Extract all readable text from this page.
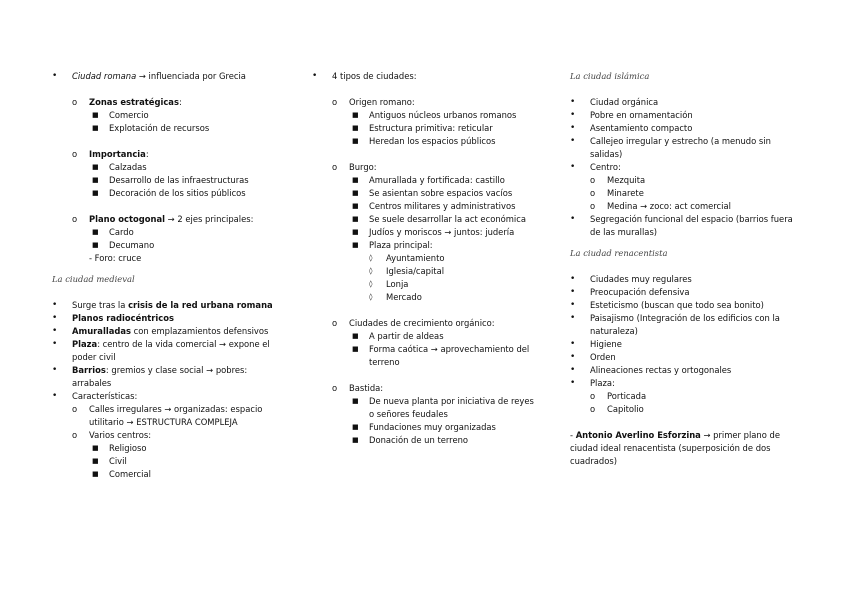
• Ciudad romana → influenciada por Grecia
o Zonas estratégicas:
■ Comercio
■ Explotación de recursos
o Importancia:
■ Calzadas
■ Desarrollo de las infraestructuras
■ Decoración de los sitios públicos
o Plano octogonal → 2 ejes principales:
■ Cardo
■ Decumano
- Foro: cruce
La ciudad medieval
• Surge tras la crisis de la red urbana romana
• Planos radiocéntricos
• Amuralladas con emplazamientos defensivos
• Plaza: centro de la vida comercial → expone el
poder civil
• Barrios: gremios y clase social → pobres:
arrabales
• Características:
o Calles irregulares → organizadas: espacio
utilitario → ESTRUCTURA COMPLEJA
o Varios centros:
■ Religioso
■ Civil
■ Comercial
• 4 tipos de ciudades:
o Origen romano:
■ Antiguos núcleos urbanos romanos
■ Estructura primitiva: reticular
■ Heredan los espacios públicos
o Burgo:
■ Amurallada y fortificada: castillo
■ Se asientan sobre espacios vacíos
■ Centros militares y administrativos
■ Se suele desarrollar la act económica
■ Judíos y moriscos → juntos: judería
■ Plaza principal:
◊ Ayuntamiento
◊ Iglesia/capital
◊ Lonja
◊ Mercado
o Ciudades de crecimiento orgánico:
■ A partir de aldeas
■ Forma caótica → aprovechamiento del
terreno
o Bastida:
■ De nueva planta por iniciativa de reyes
o señores feudales
■ Fundaciones muy organizadas
■ Donación de un terreno
La ciudad islámica
• Ciudad orgánica
• Pobre en ornamentación
• Asentamiento compacto
• Callejeo irregular y estrecho (a menudo sin
salidas)
• Centro:
o Mezquita
o Minarete
o Medina → zoco: act comercial
• Segregación funcional del espacio (barrios fuera
de las murallas)
La ciudad renacentista
• Ciudades muy regulares
• Preocupación defensiva
• Esteticismo (buscan que todo sea bonito)
• Paisajismo (Integración de los edificios con la
naturaleza)
• Higiene
• Orden
• Alineaciones rectas y ortogonales
• Plaza:
o Porticada
o Capitolio
- Antonio Averlino Esforzina → primer plano de
ciudad ideal renacentista (superposición de dos
cuadrados)
